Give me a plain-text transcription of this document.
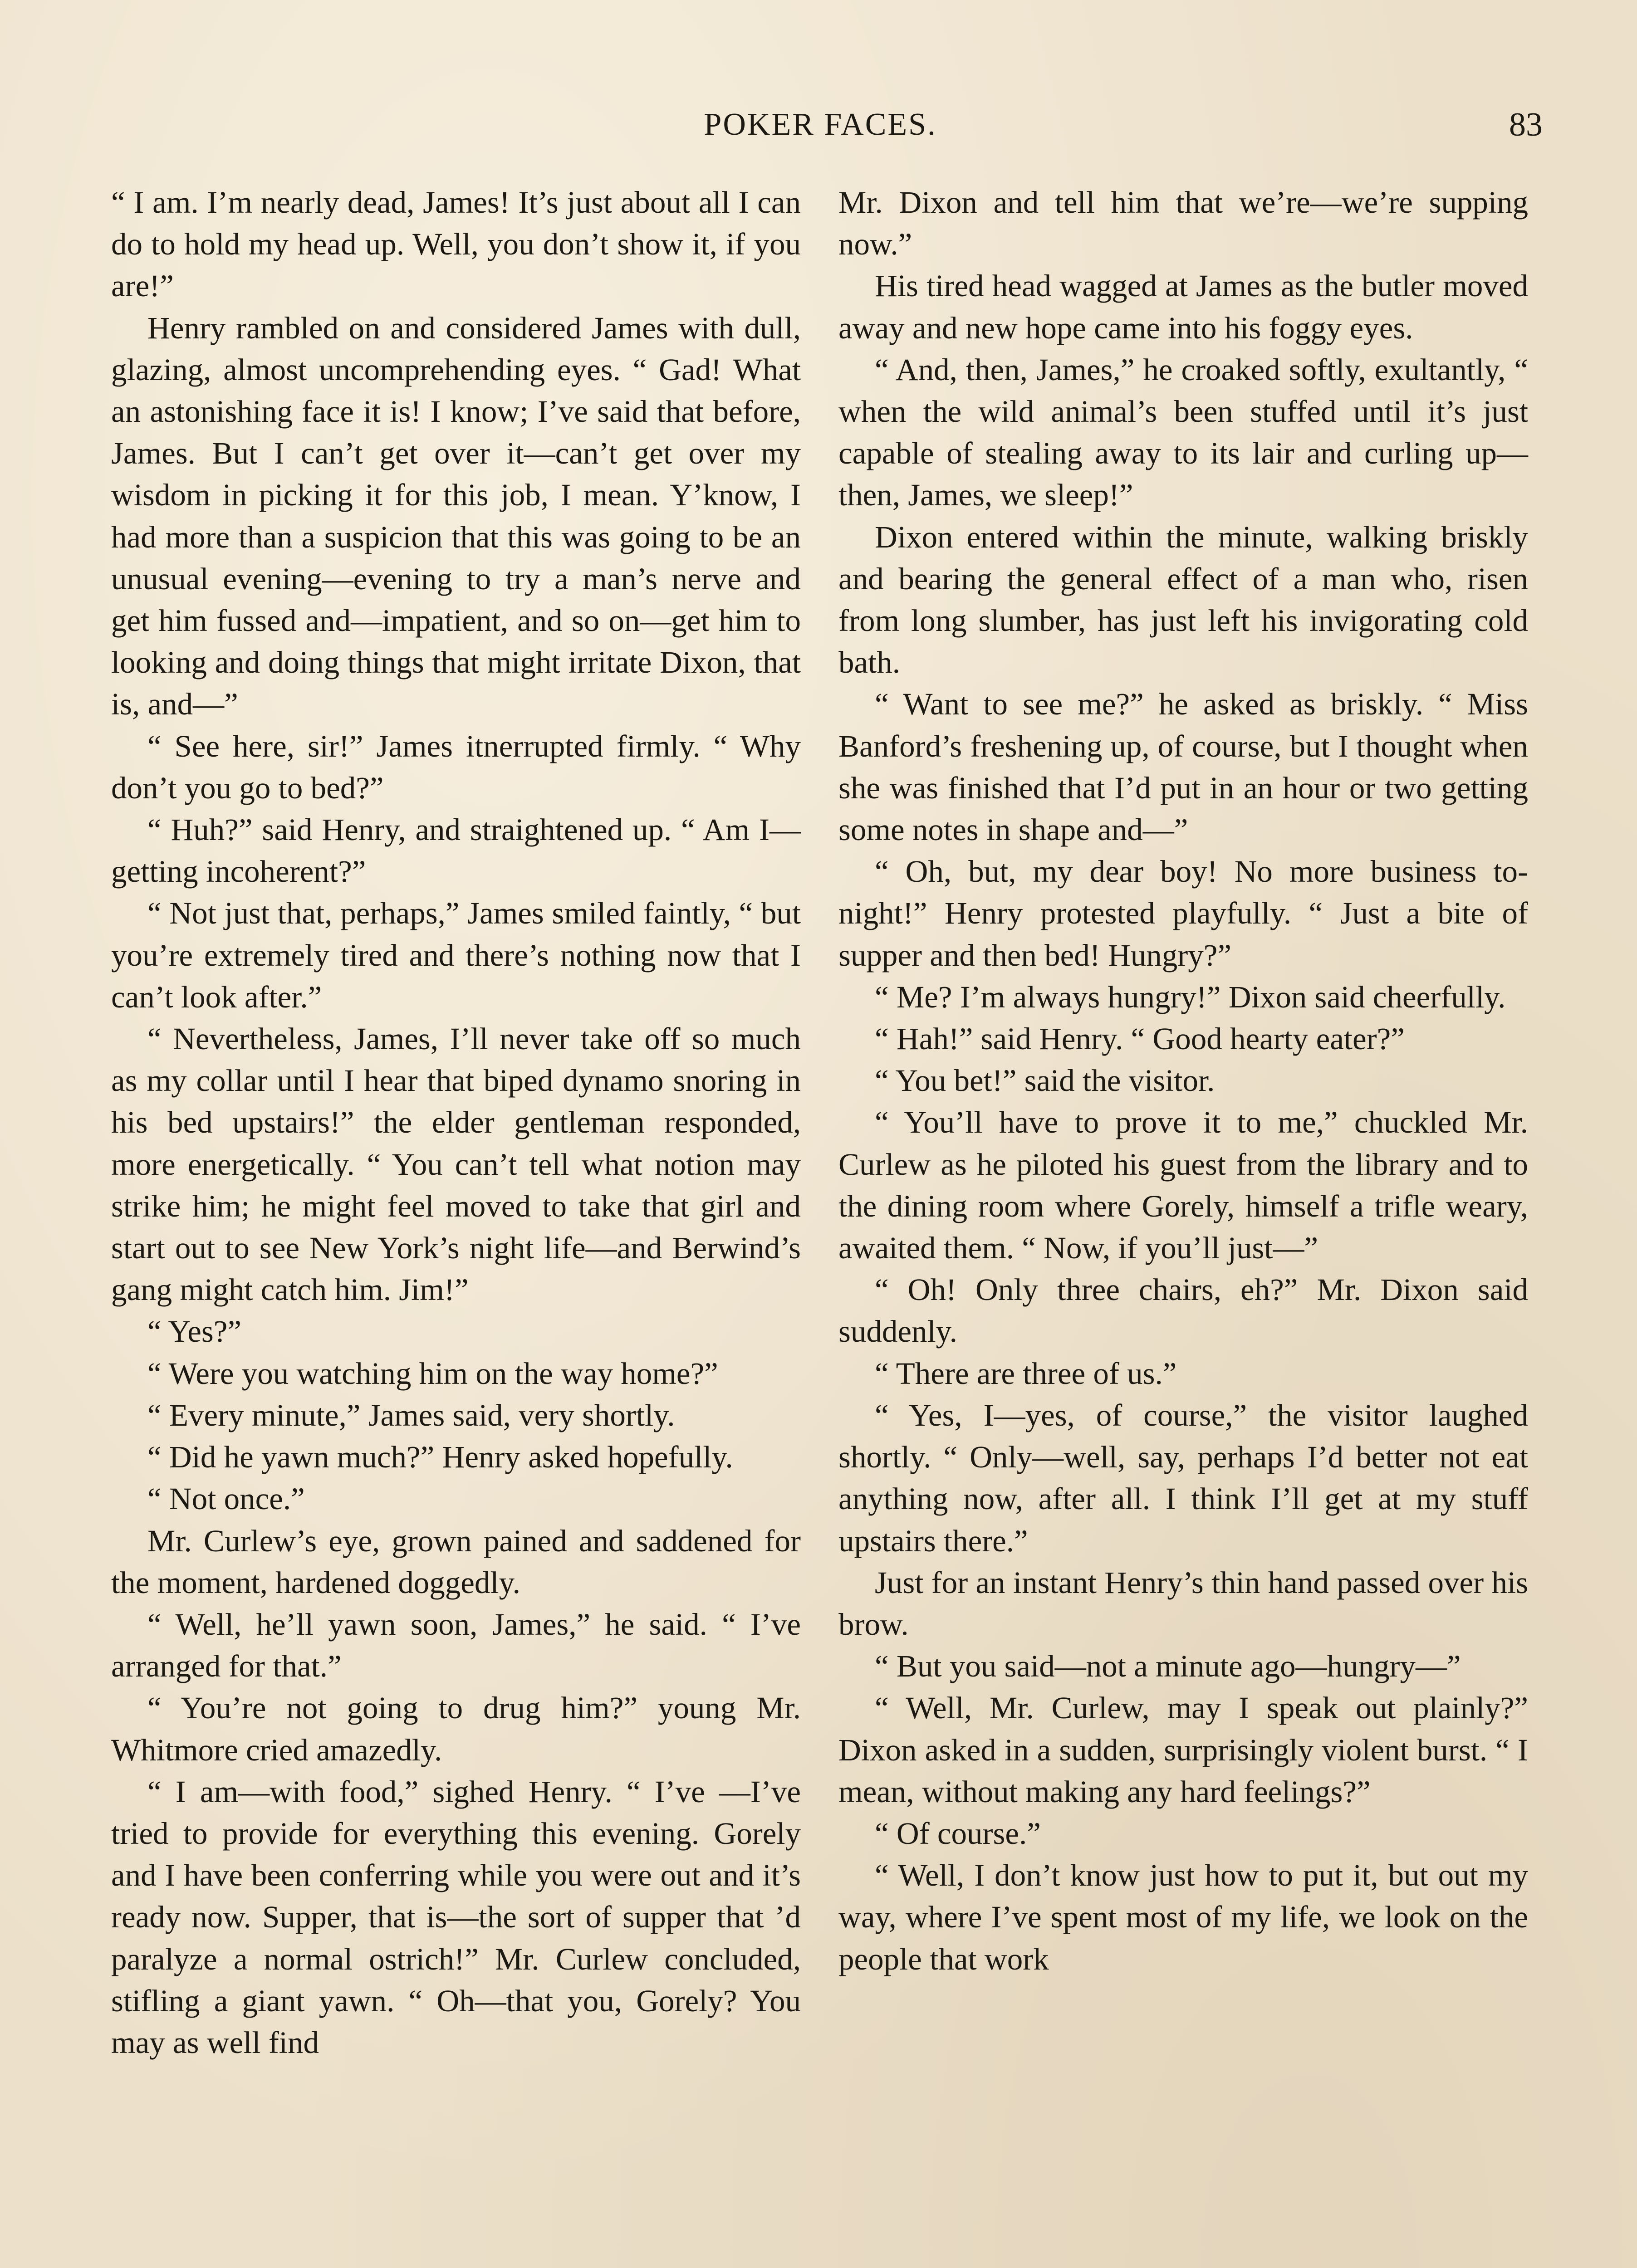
POKER FACES.	83

“ I am. I’m nearly dead, James! It’s just about all I can do to hold my head up. Well, you don’t show it, if you are!”

Henry rambled on and considered James with dull, glazing, almost uncomprehending eyes. “ Gad! What an astonishing face it is! I know; I’ve said that before, James. But I can’t get over it—can’t get over my wisdom in picking it for this job, I mean. Y’know, I had more than a suspicion that this was going to be an unusual evening—evening to try a man’s nerve and get him fussed and—impatient, and so on—get him to looking and doing things that might irritate Dixon, that is, and—”

“ See here, sir!” James itnerrupted firmly. “ Why don’t you go to bed?”

“ Huh?” said Henry, and straightened up. “ Am I—getting incoherent?”

“ Not just that, perhaps,” James smiled faintly, “ but you’re extremely tired and there’s nothing now that I can’t look after.”

“ Nevertheless, James, I’ll never take off so much as my collar until I hear that biped dynamo snoring in his bed upstairs!” the elder gentleman responded, more energetically. “ You can’t tell what notion may strike him; he might feel moved to take that girl and start out to see New York’s night life—and Berwind’s gang might catch him. Jim!”

“ Yes?”

“ Were you watching him on the way home?”

“ Every minute,” James said, very shortly.

“ Did he yawn much?” Henry asked hopefully.

“ Not once.”

Mr. Curlew’s eye, grown pained and saddened for the moment, hardened doggedly.

“ Well, he’ll yawn soon, James,” he said. “ I’ve arranged for that.”

“ You’re not going to drug him?” young Mr. Whitmore cried amazedly.

“ I am—with food,” sighed Henry. “ I’ve —I’ve tried to provide for everything this evening. Gorely and I have been conferring while you were out and it’s ready now. Supper, that is—the sort of supper that ’d paralyze a normal ostrich!” Mr. Curlew concluded, stifling a giant yawn. “ Oh—that you, Gorely? You may as well find

Mr. Dixon and tell him that we’re—we’re supping now.”

His tired head wagged at James as the butler moved away and new hope came into his foggy eyes.

“ And, then, James,” he croaked softly, exultantly, “ when the wild animal’s been stuffed until it’s just capable of stealing away to its lair and curling up—then, James, we sleep!”

Dixon entered within the minute, walking briskly and bearing the general effect of a man who, risen from long slumber, has just left his invigorating cold bath.

“ Want to see me?” he asked as briskly. “ Miss Banford’s freshening up, of course, but I thought when she was finished that I’d put in an hour or two getting some notes in shape and—”

“ Oh, but, my dear boy! No more business to-night!” Henry protested playfully. “ Just a bite of supper and then bed! Hungry?”

“ Me? I’m always hungry!” Dixon said cheerfully.

“ Hah!” said Henry. “ Good hearty eater?”

“ You bet!” said the visitor.

“ You’ll have to prove it to me,” chuckled Mr. Curlew as he piloted his guest from the library and to the dining room where Gorely, himself a trifle weary, awaited them. “ Now, if you’ll just—”

“ Oh! Only three chairs, eh?” Mr. Dixon said suddenly.

“ There are three of us.”

“ Yes, I—yes, of course,” the visitor laughed shortly. “ Only—well, say, perhaps I’d better not eat anything now, after all. I think I’ll get at my stuff upstairs there.”

Just for an instant Henry’s thin hand passed over his brow.

“ But you said—not a minute ago—hungry—”

“ Well, Mr. Curlew, may I speak out plainly?” Dixon asked in a sudden, surprisingly violent burst. “ I mean, without making any hard feelings?”

“ Of course.”

“ Well, I don’t know just how to put it, but out my way, where I’ve spent most of my life, we look on the people that work
